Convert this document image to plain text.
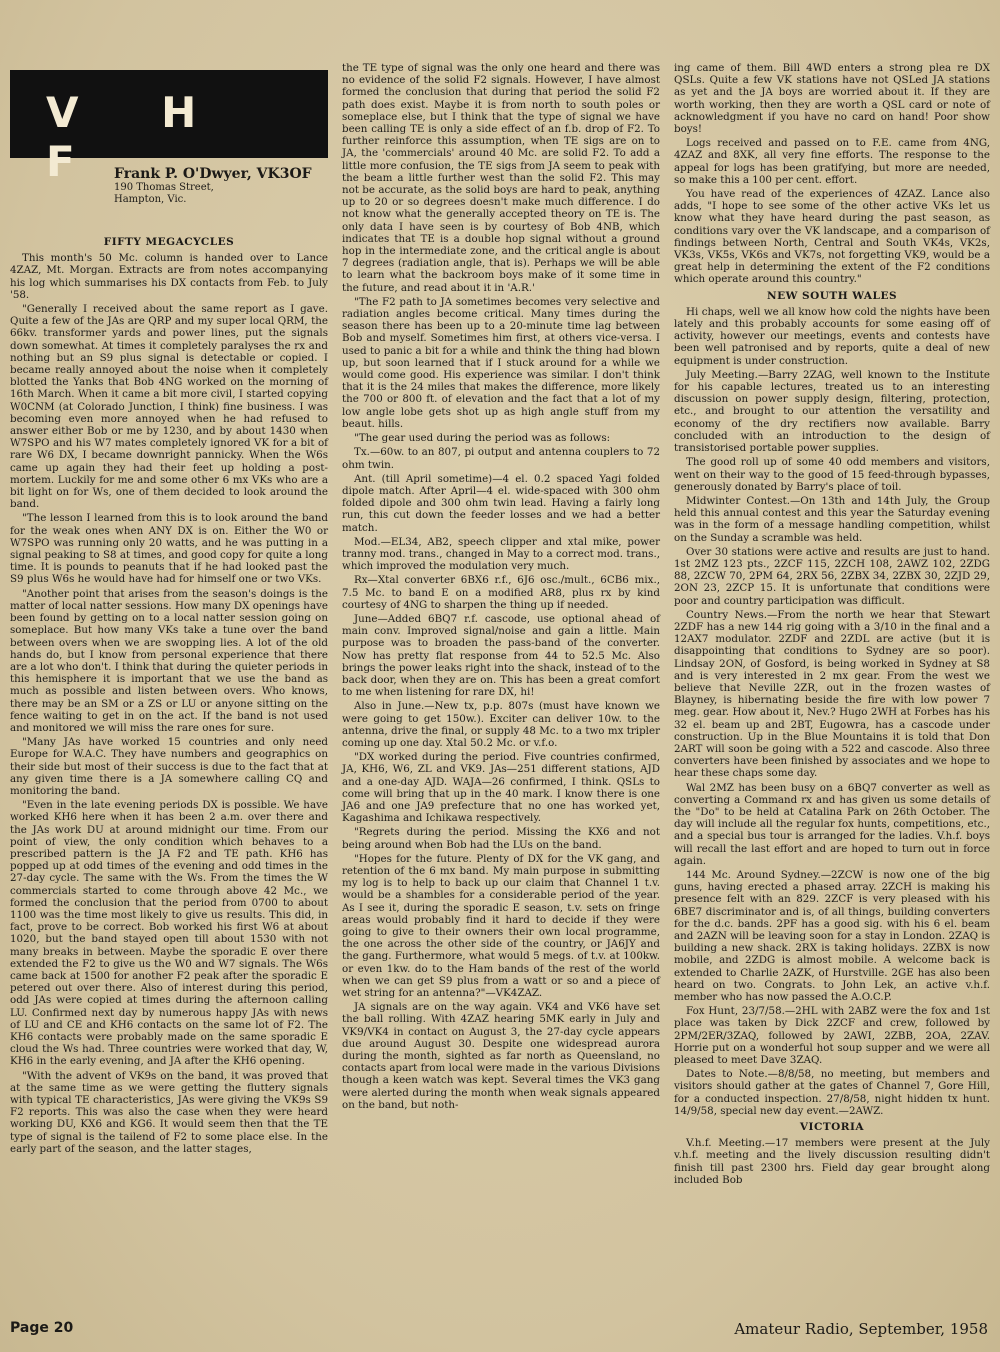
V H F Frank P. O'Dwyer, VK3OF
190 Thomas Street,
Hampton, Vic.
FIFTY MEGACYCLES

This month's 50 Mc. column is handed over to Lance 4ZAZ, Mt. Morgan. Extracts are from notes accompanying his log which summarises his DX contacts from Feb. to July '58.

"Generally I received about the same report as I gave. Quite a few of the JAs are QRP and my super local QRM, the 66kv. transformer yards and power lines, put the signals down somewhat. At times it completely paralyses the rx and nothing but an S9 plus signal is detectable or copied. I became really annoyed about the noise when it completely blotted the Yanks that Bob 4NG worked on the morning of 16th March. When it came a bit more civil, I started copying W0CNM (at Colorado Junction, I think) fine business. I was becoming even more annoyed when he had refused to answer either Bob or me by 1230, and by about 1430 when W7SPO and his W7 mates completely ignored VK for a bit of rare W6 DX, I became downright pannicky. When the W6s came up again they had their feet up holding a post-mortem. Luckily for me and some other 6 mx VKs who are a bit light on for Ws, one of them decided to look around the band.

"The lesson I learned from this is to look around the band for the weak ones when ANY DX is on. Either the W0 or W7SPO was running only 20 watts, and he was putting in a signal peaking to S8 at times, and good copy for quite a long time. It is pounds to peanuts that if he had looked past the S9 plus W6s he would have had for himself one or two VKs.

"Another point that arises from the season's doings is the matter of local natter sessions. How many DX openings have been found by getting on to a local natter session going on someplace. But how many VKs take a tune over the band between overs when we are swopping lies. A lot of the old hands do, but I know from personal experience that there are a lot who don't. I think that during the quieter periods in this hemisphere it is important that we use the band as much as possible and listen between overs. Who knows, there may be an SM or a ZS or LU or anyone sitting on the fence waiting to get in on the act. If the band is not used and monitored we will miss the rare ones for sure.

"Many JAs have worked 15 countries and only need Europe for W.A.C. They have numbers and geographics on their side but most of their success is due to the fact that at any given time there is a JA somewhere calling CQ and monitoring the band.

"Even in the late evening periods DX is possible. We have worked KH6 here when it has been 2 a.m. over there and the JAs work DU at around midnight our time. From our point of view, the only condition which behaves to a prescribed pattern is the JA F2 and TE path. KH6 has popped up at odd times of the evening and odd times in the 27-day cycle. The same with the Ws. From the times the W commercials started to come through above 42 Mc., we formed the conclusion that the period from 0700 to about 1100 was the time most likely to give us results. This did, in fact, prove to be correct. Bob worked his first W6 at about 1020, but the band stayed open till about 1530 with not many breaks in between. Maybe the sporadic E over there extended the F2 to give us the W0 and W7 signals. The W6s came back at 1500 for another F2 peak after the sporadic E petered out over there. Also of interest during this period, odd JAs were copied at times during the afternoon calling LU. Confirmed next day by numerous happy JAs with news of LU and CE and KH6 contacts on the same lot of F2. The KH6 contacts were probably made on the same sporadic E cloud the Ws had. Three countries were worked that day, W, KH6 in the early evening, and JA after the KH6 opening.

"With the advent of VK9s on the band, it was proved that at the same time as we were getting the fluttery signals with typical TE characteristics, JAs were giving the VK9s S9 F2 reports. This was also the case when they were heard working DU, KX6 and KG6. It would seem then that the TE type of signal is the tailend of F2 to some place else. In the early part of the season, and the latter stages,

the TE type of signal was the only one heard and there was no evidence of the solid F2 signals. However, I have almost formed the conclusion that during that period the solid F2 path does exist. Maybe it is from north to south poles or someplace else, but I think that the type of signal we have been calling TE is only a side effect of an f.b. drop of F2. To further reinforce this assumption, when TE sigs are on to JA, the 'commercials' around 40 Mc. are solid F2. To add a little more confusion, the TE sigs from JA seem to peak with the beam a little further west than the solid F2. This may not be accurate, as the solid boys are hard to peak, anything up to 20 or so degrees doesn't make much difference. I do not know what the generally accepted theory on TE is. The only data I have seen is by courtesy of Bob 4NB, which indicates that TE is a double hop signal without a ground hop in the intermediate zone, and the critical angle is about 7 degrees (radiation angle, that is). Perhaps we will be able to learn what the backroom boys make of it some time in the future, and read about it in 'A.R.'

"The F2 path to JA sometimes becomes very selective and radiation angles become critical. Many times during the season there has been up to a 20-minute time lag between Bob and myself. Sometimes him first, at others vice-versa. I used to panic a bit for a while and think the thing had blown up, but soon learned that if I stuck around for a while we would come good. His experience was similar. I don't think that it is the 24 miles that makes the difference, more likely the 700 or 800 ft. of elevation and the fact that a lot of my low angle lobe gets shot up as high angle stuff from my beaut. hills.

"The gear used during the period was as follows:

Tx.—60w. to an 807, pi output and antenna couplers to 72 ohm twin.

Ant. (till April sometime)—4 el. 0.2 spaced Yagi folded dipole match. After April—4 el. wide-spaced with 300 ohm folded dipole and 300 ohm twin lead. Having a fairly long run, this cut down the feeder losses and we had a better match.

Mod.—EL34, AB2, speech clipper and xtal mike, power tranny mod. trans., changed in May to a correct mod. trans., which improved the modulation very much.

Rx—Xtal converter 6BX6 r.f., 6J6 osc./mult., 6CB6 mix., 7.5 Mc. to band E on a modified AR8, plus rx by kind courtesy of 4NG to sharpen the thing up if needed.

June—Added 6BQ7 r.f. cascode, use optional ahead of main conv. Improved signal/noise and gain a little. Main purpose was to broaden the pass-band of the converter. Now has pretty flat response from 44 to 52.5 Mc. Also brings the power leaks right into the shack, instead of to the back door, when they are on. This has been a great comfort to me when listening for rare DX, hi!

Also in June.—New tx, p.p. 807s (must have known we were going to get 150w.). Exciter can deliver 10w. to the antenna, drive the final, or supply 48 Mc. to a two mx tripler coming up one day. Xtal 50.2 Mc. or v.f.o.

"DX worked during the period. Five countries confirmed, JA, KH6, W6, ZL and VK9. JAs—251 different stations, AJD and a one-day AJD. WAJA—26 confirmed, I think. QSLs to come will bring that up in the 40 mark. I know there is one JA6 and one JA9 prefecture that no one has worked yet, Kagashima and Ichikawa respectively.

"Regrets during the period. Missing the KX6 and not being around when Bob had the LUs on the band.

"Hopes for the future. Plenty of DX for the VK gang, and retention of the 6 mx band. My main purpose in submitting my log is to help to back up our claim that Channel 1 t.v. would be a shambles for a considerable period of the year. As I see it, during the sporadic E season, t.v. sets on fringe areas would probably find it hard to decide if they were going to give to their owners their own local programme, the one across the other side of the country, or JA6JY and the gang. Furthermore, what would 5 megs. of t.v. at 100kw. or even 1kw. do to the Ham bands of the rest of the world when we can get S9 plus from a watt or so and a piece of wet string for an antenna?"—VK4ZAZ.

JA signals are on the way again. VK4 and VK6 have set the ball rolling. With 4ZAZ hearing 5MK early in July and VK9/VK4 in contact on August 3, the 27-day cycle appears due around August 30. Despite one widespread aurora during the month, sighted as far north as Queensland, no contacts apart from local were made in the various Divisions though a keen watch was kept. Several times the VK3 gang were alerted during the month when weak signals appeared on the band, but noth-

ing came of them. Bill 4WD enters a strong plea re DX QSLs. Quite a few VK stations have not QSLed JA stations as yet and the JA boys are worried about it. If they are worth working, then they are worth a QSL card or note of acknowledgment if you have no card on hand! Poor show boys!

Logs received and passed on to F.E. came from 4NG, 4ZAZ and 8XK, all very fine efforts. The response to the appeal for logs has been gratifying, but more are needed, so make this a 100 per cent. effort.

You have read of the experiences of 4ZAZ. Lance also adds, "I hope to see some of the other active VKs let us know what they have heard during the past season, as conditions vary over the VK landscape, and a comparison of findings between North, Central and South VK4s, VK2s, VK3s, VK5s, VK6s and VK7s, not forgetting VK9, would be a great help in determining the extent of the F2 conditions which operate around this country."

NEW SOUTH WALES

Hi chaps, well we all know how cold the nights have been lately and this probably accounts for some easing off of activity, however our meetings, events and contests have been well patronised and by reports, quite a deal of new equipment is under construction.

July Meeting.—Barry 2ZAG, well known to the Institute for his capable lectures, treated us to an interesting discussion on power supply design, filtering, protection, etc., and brought to our attention the versatility and economy of the dry rectifiers now available. Barry concluded with an introduction to the design of transistorised portable power supplies.

The good roll up of some 40 odd members and visitors, went on their way to the good of 15 feed-through bypasses, generously donated by Barry's place of toil.

Midwinter Contest.—On 13th and 14th July, the Group held this annual contest and this year the Saturday evening was in the form of a message handling competition, whilst on the Sunday a scramble was held.

Over 30 stations were active and results are just to hand. 1st 2MZ 123 pts., 2ZCF 115, 2ZCH 108, 2AWZ 102, 2ZDG 88, 2ZCW 70, 2PM 64, 2RX 56, 2ZBX 34, 2ZBX 30, 2ZJD 29, 2ON 23, 2ZCP 15. It is unfortunate that conditions were poor and country participation was difficult.

Country News.—From the north we hear that Stewart 2ZDF has a new 144 rig going with a 3/10 in the final and a 12AX7 modulator. 2ZDF and 2ZDL are active (but it is disappointing that conditions to Sydney are so poor). Lindsay 2ON, of Gosford, is being worked in Sydney at S8 and is very interested in 2 mx gear. From the west we believe that Neville 2ZR, out in the frozen wastes of Blayney, is hibernating beside the fire with low power 7 meg. gear. How about it, Nev.? Hugo 2WH at Forbes has his 32 el. beam up and 2BT, Eugowra, has a cascode under construction. Up in the Blue Mountains it is told that Don 2ART will soon be going with a 522 and cascode. Also three converters have been finished by associates and we hope to hear these chaps some day.

Wal 2MZ has been busy on a 6BQ7 converter as well as converting a Command rx and has given us some details of the "Do" to be held at Catalina Park on 26th October. The day will include all the regular fox hunts, competitions, etc., and a special bus tour is arranged for the ladies. V.h.f. boys will recall the last effort and are hoped to turn out in force again.

144 Mc. Around Sydney.—2ZCW is now one of the big guns, having erected a phased array. 2ZCH is making his presence felt with an 829. 2ZCF is very pleased with his 6BE7 discriminator and is, of all things, building converters for the d.c. bands. 2PF has a good sig. with his 6 el. beam and 2AZN will be leaving soon for a stay in London. 2ZAQ is building a new shack. 2RX is taking holidays. 2ZBX is now mobile, and 2ZDG is almost mobile. A welcome back is extended to Charlie 2AZK, of Hurstville. 2GE has also been heard on two. Congrats. to John Lek, an active v.h.f. member who has now passed the A.O.C.P.

Fox Hunt, 23/7/58.—2HL with 2ABZ were the fox and 1st place was taken by Dick 2ZCF and crew, followed by 2PM/2ER/3ZAQ, followed by 2AWI, 2ZBB, 2OA, 2ZAV. Horrie put on a wonderful hot soup supper and we were all pleased to meet Dave 3ZAQ.

Dates to Note.—8/8/58, no meeting, but members and visitors should gather at the gates of Channel 7, Gore Hill, for a conducted inspection. 27/8/58, night hidden tx hunt. 14/9/58, special new day event.—2AWZ.

VICTORIA

V.h.f. Meeting.—17 members were present at the July v.h.f. meeting and the lively discussion resulting didn't finish till past 2300 hrs. Field day gear brought along included Bob

Page 20	Amateur Radio, September, 1958
